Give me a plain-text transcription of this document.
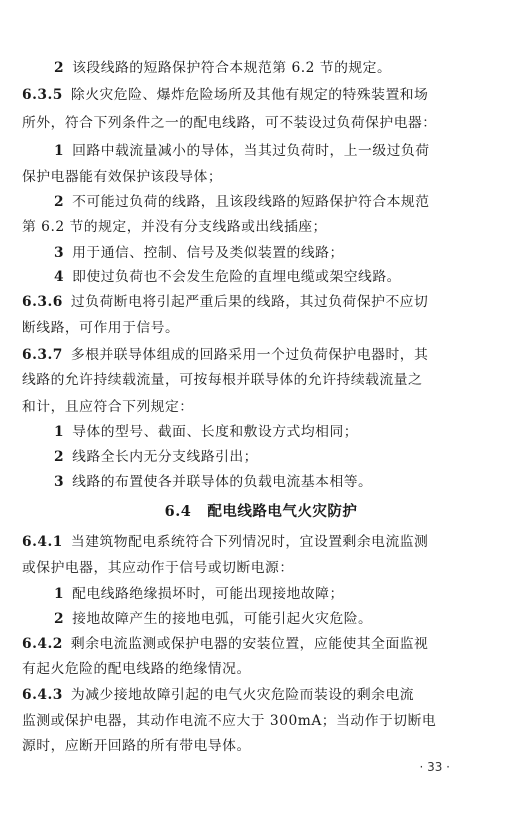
6.4 配电线路电气火灾防护
· 33 ·
2 该段线路的短路保护符合本规范第 6.2 节的规定。
6.3.5 除火灾危险、爆炸危险场所及其他有规定的特殊装置和场
所外，符合下列条件之一的配电线路，可不装设过负荷保护电器：
1 回路中载流量减小的导体，当其过负荷时，上一级过负荷
保护电器能有效保护该段导体；
2 不可能过负荷的线路，且该段线路的短路保护符合本规范
第 6.2 节的规定，并没有分支线路或出线插座；
3 用于通信、控制、信号及类似装置的线路；
4 即使过负荷也不会发生危险的直埋电缆或架空线路。
6.3.6 过负荷断电将引起严重后果的线路，其过负荷保护不应切
断线路，可作用于信号。
6.3.7 多根并联导体组成的回路采用一个过负荷保护电器时，其
线路的允许持续载流量，可按每根并联导体的允许持续载流量之
和计，且应符合下列规定：
1 导体的型号、截面、长度和敷设方式均相同；
2 线路全长内无分支线路引出；
3 线路的布置使各并联导体的负载电流基本相等。
6.4.1 当建筑物配电系统符合下列情况时，宜设置剩余电流监测
或保护电器，其应动作于信号或切断电源：
1 配电线路绝缘损坏时，可能出现接地故障；
2 接地故障产生的接地电弧，可能引起火灾危险。
6.4.2 剩余电流监测或保护电器的安装位置，应能使其全面监视
有起火危险的配电线路的绝缘情况。
6.4.3 为减少接地故障引起的电气火灾危险而装设的剩余电流
监测或保护电器，其动作电流不应大于 300mA；当动作于切断电
源时，应断开回路的所有带电导体。
